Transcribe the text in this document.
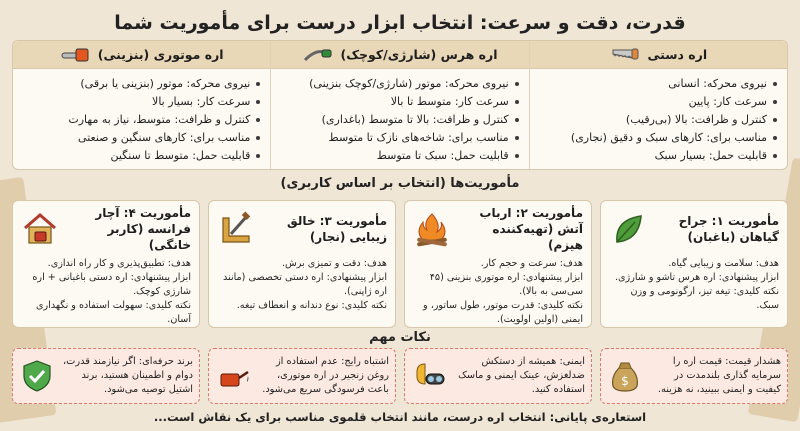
قدرت، دقت و سرعت: انتخاب ابزار درست برای مأموریت شما
اره دستی
نیروی محرکه: انسانی
سرعت کار: پایین
کنترل و ظرافت: بالا (بی‌رقیب)
مناسب برای: کارهای سبک و دقیق (نجاری)
قابلیت حمل: بسیار سبک
اره هرس (شارژی/کوچک)
نیروی محرکه: موتور (شارژی/کوچک بنزینی)
سرعت کار: متوسط تا بالا
کنترل و ظرافت: بالا تا متوسط (باغداری)
مناسب برای: شاخه‌های نازک تا متوسط
قابلیت حمل: سبک تا متوسط
اره موتوری (بنزینی)
نیروی محرکه: موتور (بنزینی یا برقی)
سرعت کار: بسیار بالا
کنترل و ظرافت: متوسط، نیاز به مهارت
مناسب برای: کارهای سنگین و صنعتی
قابلیت حمل: متوسط تا سنگین
مأموریت‌ها (انتخاب بر اساس کاربری)
مأموریت ۱: جراح گیاهان (باغبان)
هدف: سلامت و زیبایی گیاه.
ابزار پیشنهادی: اره هرس تاشو و شارژی.
نکته کلیدی: تیغه تیز، ارگونومی و وزن سبک.
مأموریت ۲: ارباب آتش (تهیه‌کننده هیزم)
هدف: سرعت و حجم کار.
ابزار پیشنهادی: اره موتوری بنزینی (۴۵ سی‌سی به بالا).
نکته کلیدی: قدرت موتور، طول ساتور، و ایمنی (اولین اولویت).
مأموریت ۳: خالق زیبایی (نجار)
هدف: دقت و تمیزی برش.
ابزار پیشنهادی: اره دستی تخصصی (مانند اره ژاپنی).
نکته کلیدی: نوع دندانه و انعطاف تیغه.
مأموریت ۴: آچار فرانسه (کاربر خانگی)
هدف: تطبیق‌پذیری و کار راه اندازی.
ابزار پیشنهادی: اره دستی باغبانی + اره شارژی کوچک.
نکته کلیدی: سهولت استفاده و نگهداری آسان.
نکات مهم
هشدار قیمت: قیمت اره را سرمایه گذاری بلندمدت در کیفیت و ایمنی ببینید، نه هزینه.
$
ایمنی: همیشه از دستکش ضدلغزش، عینک ایمنی و ماسک استفاده کنید.
اشتباه رایج: عدم استفاده از روغن زنجیر در اره موتوری، باعث فرسودگی سریع می‌شود.
برند حرفه‌ای: اگر نیازمند قدرت، دوام و اطمینان هستید، برند اشتیل توصیه می‌شود.
استعاره‌ی پایانی: انتخاب اره درست، مانند انتخاب قلموی مناسب برای یک نقاش است...
